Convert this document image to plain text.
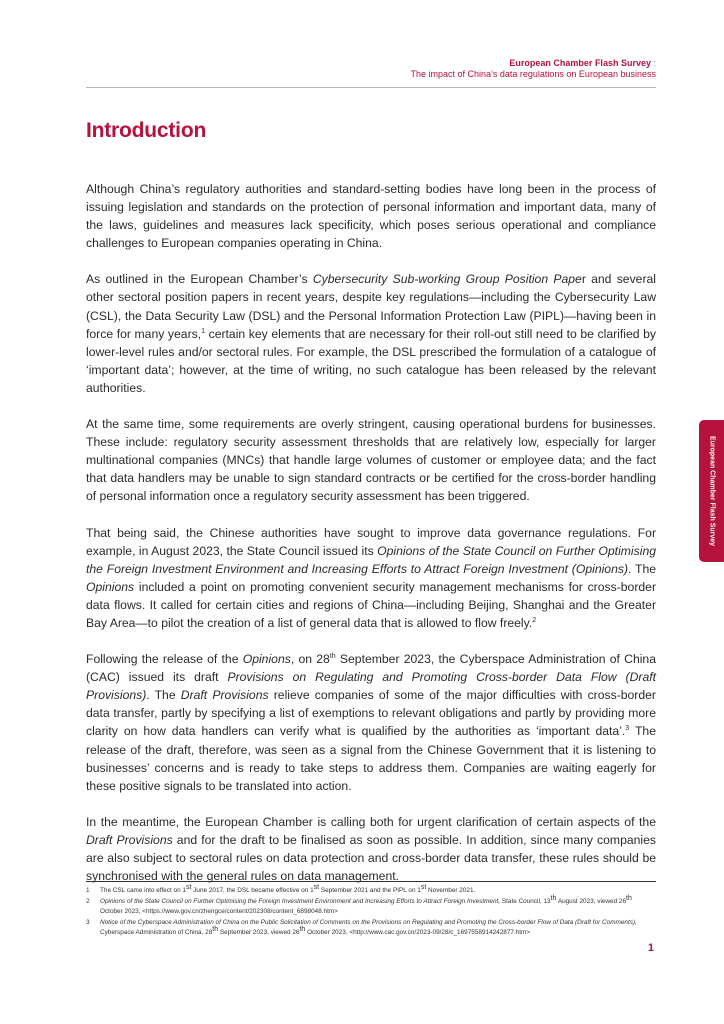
European Chamber Flash Survey :
The impact of China’s data regulations on European business
Introduction

Although China’s regulatory authorities and standard-setting bodies have long been in the process of issuing legislation and standards on the protection of personal information and important data, many of the laws, guidelines and measures lack specificity, which poses serious operational and compliance challenges to European companies operating in China.

As outlined in the European Chamber’s Cybersecurity Sub-working Group Position Paper and several other sectoral position papers in recent years, despite key regulations—including the Cybersecurity Law (CSL), the Data Security Law (DSL) and the Personal Information Protection Law (PIPL)—having been in force for many years,$^1$ certain key elements that are necessary for their roll-out still need to be clarified by lower-level rules and/or sectoral rules. For example, the DSL prescribed the formulation of a catalogue of ‘important data’; however, at the time of writing, no such catalogue has been released by the relevant authorities.

At the same time, some requirements are overly stringent, causing operational burdens for businesses. These include: regulatory security assessment thresholds that are relatively low, especially for larger multinational companies (MNCs) that handle large volumes of customer or employee data; and the fact that data handlers may be unable to sign standard contracts or be certified for the cross-border handling of personal information once a regulatory security assessment has been triggered.

That being said, the Chinese authorities have sought to improve data governance regulations. For example, in August 2023, the State Council issued its Opinions of the State Council on Further Optimising the Foreign Investment Environment and Increasing Efforts to Attract Foreign Investment (Opinions). The Opinions included a point on promoting convenient security management mechanisms for cross-border data flows. It called for certain cities and regions of China—including Beijing, Shanghai and the Greater Bay Area—to pilot the creation of a list of general data that is allowed to flow freely.$^2$

Following the release of the Opinions, on 28th September 2023, the Cyberspace Administration of China (CAC) issued its draft Provisions on Regulating and Promoting Cross-border Data Flow (Draft Provisions). The Draft Provisions relieve companies of some of the major difficulties with cross-border data transfer, partly by specifying a list of exemptions to relevant obligations and partly by providing more clarity on how data handlers can verify what is qualified by the authorities as ‘important data’.$^3$ The release of the draft, therefore, was seen as a signal from the Chinese Government that it is listening to businesses’ concerns and is ready to take steps to address them. Companies are waiting eagerly for these positive signals to be translated into action.

In the meantime, the European Chamber is calling both for urgent clarification of certain aspects of the Draft Provisions and for the draft to be finalised as soon as possible. In addition, since many companies are also subject to sectoral rules on data protection and cross-border data transfer, these rules should be synchronised with the general rules on data management.

1	The CSL came into effect on 1st June 2017, the DSL became effective on 1st September 2021 and the PIPL on 1st November 2021.
2	Opinions of the State Council on Further Optimising the Foreign Investment Environment and Increasing Efforts to Attract Foreign Investment, State Council, 13th August 2023, viewed 26th October 2023, <https://www.gov.cn/zhengce/content/202308/content_6898048.htm>
3	Notice of the Cyberspace Administration of China on the Public Solicitation of Comments on the Provisions on Regulating and Promoting the Cross-border Flow of Data (Draft for Comments), Cyberspace Administration of China, 28th September 2023, viewed 26th October 2023, <http://www.cac.gov.cn/2023-09/28/c_1697558914242877.htm>
1
European Chamber Flash Survey
